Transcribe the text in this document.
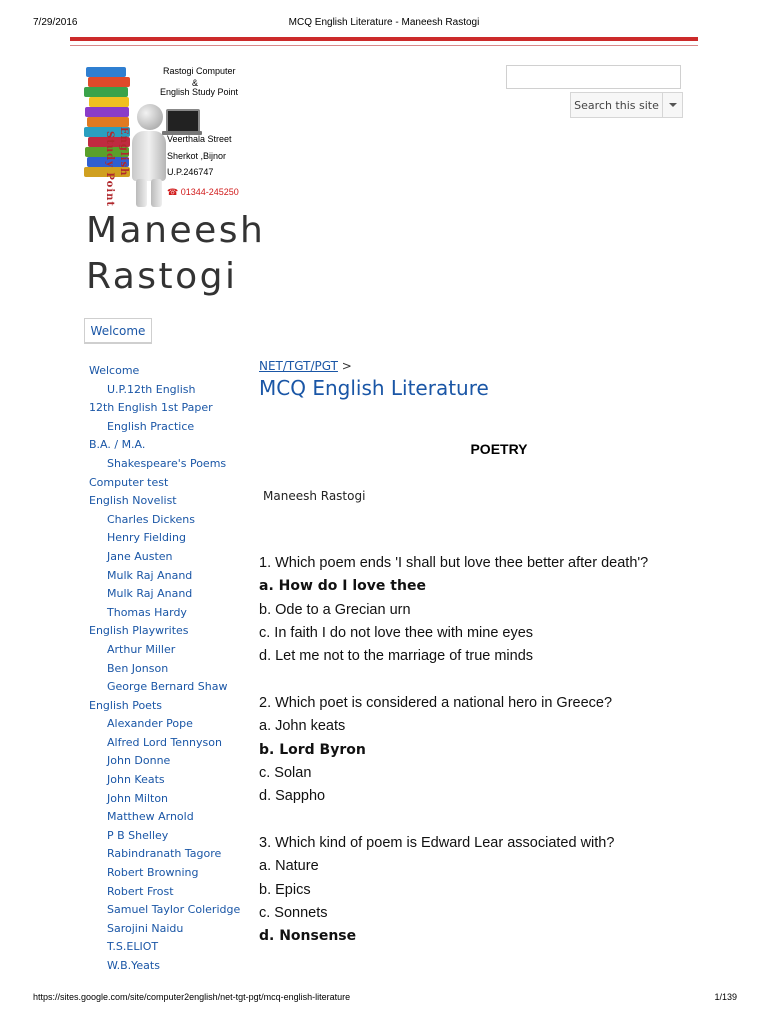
7/29/2016	MCQ English Literature - Maneesh Rastogi
English
Study Point
Rastogi Computer
&
English Study Point
Veerthala Street
Sherkot ,Bijnor
U.P.246747
☎ 01344-245250
Maneesh
Rastogi
Search this site
Welcome
Welcome
U.P.12th English
12th English 1st Paper
English Practice
B.A. / M.A.
Shakespeare's Poems
Computer test
English Novelist
Charles Dickens
Henry Fielding
Jane Austen
Mulk Raj Anand
Mulk Raj Anand
Thomas Hardy
English Playwrites
Arthur Miller
Ben Jonson
George Bernard Shaw
English Poets
Alexander Pope
Alfred Lord Tennyson
John Donne
John Keats
John Milton
Matthew Arnold
P B Shelley
Rabindranath Tagore
Robert Browning
Robert Frost
Samuel Taylor Coleridge
Sarojini Naidu
T.S.ELIOT
W.B.Yeats
NET/TGT/PGT >
MCQ English Literature
POETRY
Maneesh Rastogi
1. Which poem ends 'I shall but love thee better after death'?
a. How do I love thee
b. Ode to a Grecian urn
c. In faith I do not love thee with mine eyes
d. Let me not to the marriage of true minds
2. Which poet is considered a national hero in Greece?
a. John keats
b. Lord Byron
c. Solan
d. Sappho
3. Which kind of poem is Edward Lear associated with?
a. Nature
b. Epics
c. Sonnets
d. Nonsense
https://sites.google.com/site/computer2english/net-tgt-pgt/mcq-english-literature	1/139
